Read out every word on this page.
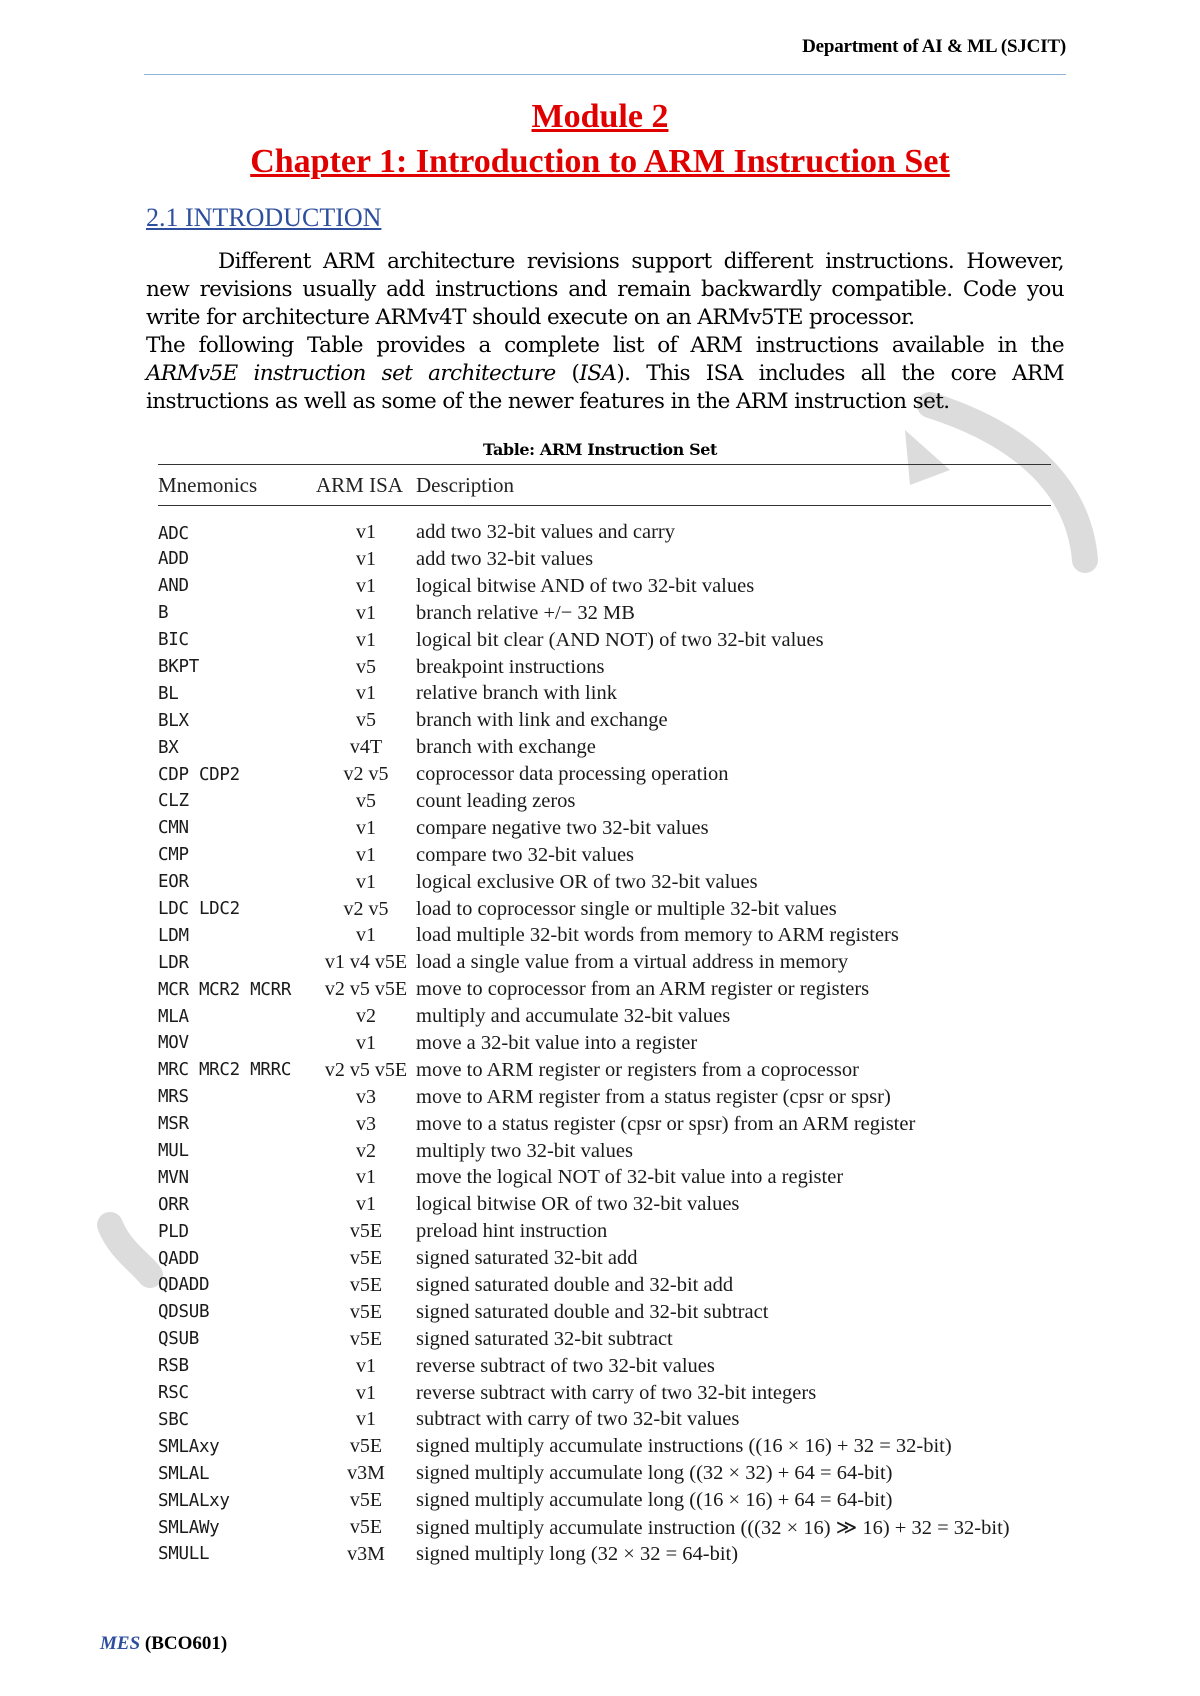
Department of AI & ML (SJCIT)
Module 2
Chapter 1: Introduction to ARM Instruction Set
2.1 INTRODUCTION

Different ARM architecture revisions support different instructions. However, new revisions usually add instructions and remain backwardly compatible. Code you write for architecture ARMv4T should execute on an ARMv5TE processor.

The following Table provides a complete list of ARM instructions available in the ARMv5E instruction set architecture (ISA). This ISA includes all the core ARM instructions as well as some of the newer features in the ARM instruction set.

Table: ARM Instruction Set
Mnemonics	ARM ISA	Description
ADC	v1	add two 32-bit values and carry
ADD	v1	add two 32-bit values
AND	v1	logical bitwise AND of two 32-bit values
B	v1	branch relative +/− 32 MB
BIC	v1	logical bit clear (AND NOT) of two 32-bit values
BKPT	v5	breakpoint instructions
BL	v1	relative branch with link
BLX	v5	branch with link and exchange
BX	v4T	branch with exchange
CDP CDP2	v2 v5	coprocessor data processing operation
CLZ	v5	count leading zeros
CMN	v1	compare negative two 32-bit values
CMP	v1	compare two 32-bit values
EOR	v1	logical exclusive OR of two 32-bit values
LDC LDC2	v2 v5	load to coprocessor single or multiple 32-bit values
LDM	v1	load multiple 32-bit words from memory to ARM registers
LDR	v1 v4 v5E	load a single value from a virtual address in memory
MCR MCR2 MCRR	v2 v5 v5E	move to coprocessor from an ARM register or registers
MLA	v2	multiply and accumulate 32-bit values
MOV	v1	move a 32-bit value into a register
MRC MRC2 MRRC	v2 v5 v5E	move to ARM register or registers from a coprocessor
MRS	v3	move to ARM register from a status register (cpsr or spsr)
MSR	v3	move to a status register (cpsr or spsr) from an ARM register
MUL	v2	multiply two 32-bit values
MVN	v1	move the logical NOT of 32-bit value into a register
ORR	v1	logical bitwise OR of two 32-bit values
PLD	v5E	preload hint instruction
QADD	v5E	signed saturated 32-bit add
QDADD	v5E	signed saturated double and 32-bit add
QDSUB	v5E	signed saturated double and 32-bit subtract
QSUB	v5E	signed saturated 32-bit subtract
RSB	v1	reverse subtract of two 32-bit values
RSC	v1	reverse subtract with carry of two 32-bit integers
SBC	v1	subtract with carry of two 32-bit values
SMLAxy	v5E	signed multiply accumulate instructions ((16 × 16) + 32 = 32-bit)
SMLAL	v3M	signed multiply accumulate long ((32 × 32) + 64 = 64-bit)
SMLALxy	v5E	signed multiply accumulate long ((16 × 16) + 64 = 64-bit)
SMLAWy	v5E	signed multiply accumulate instruction (((32 × 16) ≫ 16) + 32 = 32-bit)
SMULL	v3M	signed multiply long (32 × 32 = 64-bit)
MES (BCO601)
